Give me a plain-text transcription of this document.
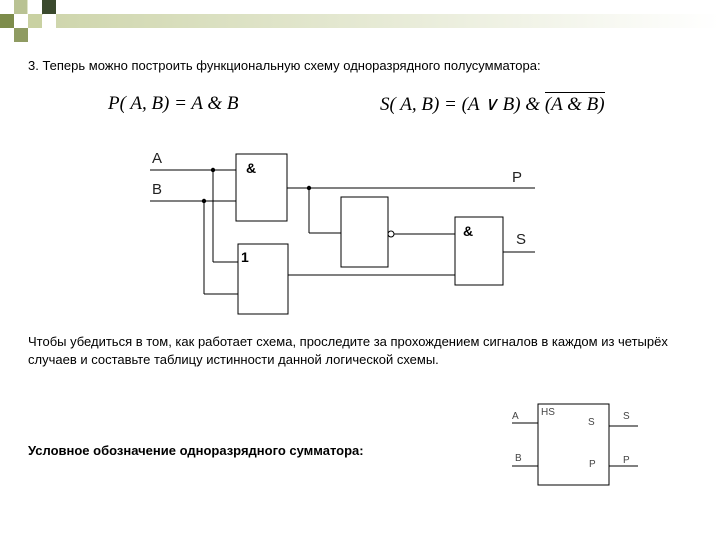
3. Теперь можно построить функциональную схему одноразрядного полусумматора:
P( A, B) = A & B	S( A, B) = (A ∨ B) & (A & B)
A
B
P
S
&
1
&
Чтобы убедиться в том, как работает схема, проследите за прохождением сигналов в каждом из четырёх случаев и составьте таблицу истинности данной логической схемы.
Условное обозначение одноразрядного сумматора:
HS
A
B
S
P
S
P
